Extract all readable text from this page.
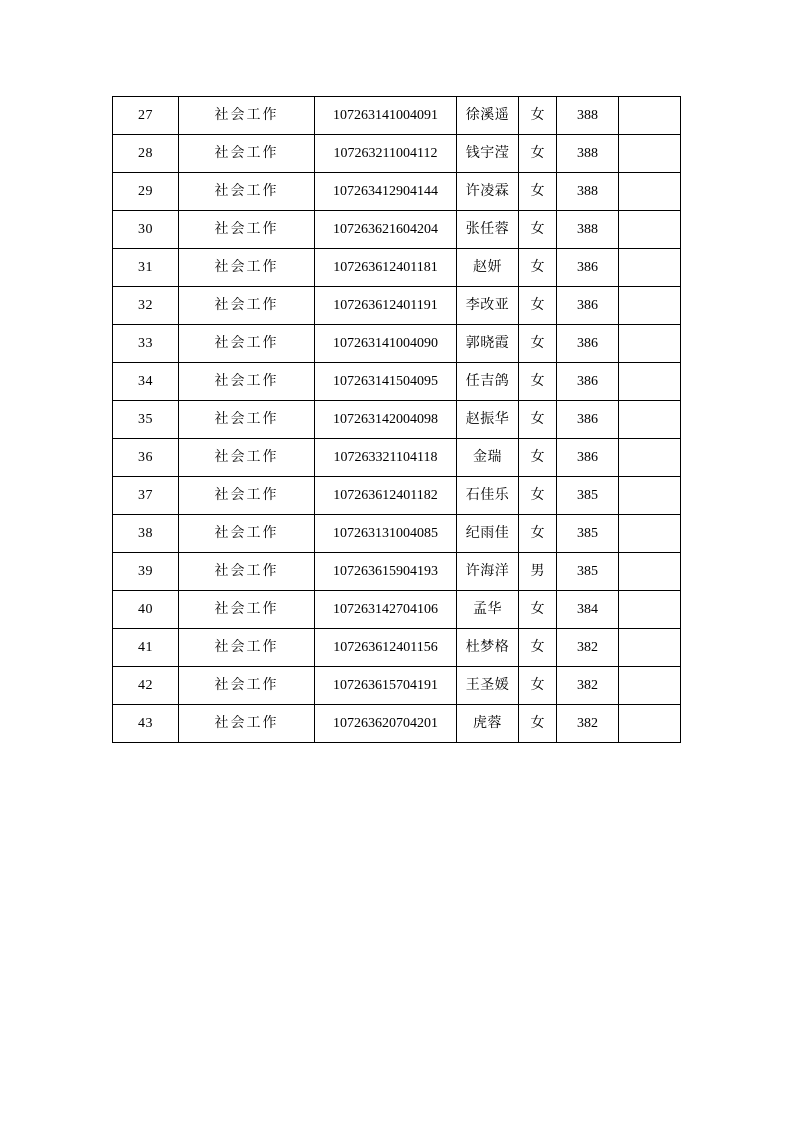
27	社会工作	107263141004091	徐溪遥	女	388	
28	社会工作	107263211004112	钱宇滢	女	388	
29	社会工作	107263412904144	许凌霖	女	388	
30	社会工作	107263621604204	张任蓉	女	388	
31	社会工作	107263612401181	赵妍	女	386	
32	社会工作	107263612401191	李改亚	女	386	
33	社会工作	107263141004090	郭晓霞	女	386	
34	社会工作	107263141504095	任吉鸽	女	386	
35	社会工作	107263142004098	赵振华	女	386	
36	社会工作	107263321104118	金瑞	女	386	
37	社会工作	107263612401182	石佳乐	女	385	
38	社会工作	107263131004085	纪雨佳	女	385	
39	社会工作	107263615904193	许海洋	男	385	
40	社会工作	107263142704106	孟华	女	384	
41	社会工作	107263612401156	杜梦格	女	382	
42	社会工作	107263615704191	王圣媛	女	382	
43	社会工作	107263620704201	虎蓉	女	382	
